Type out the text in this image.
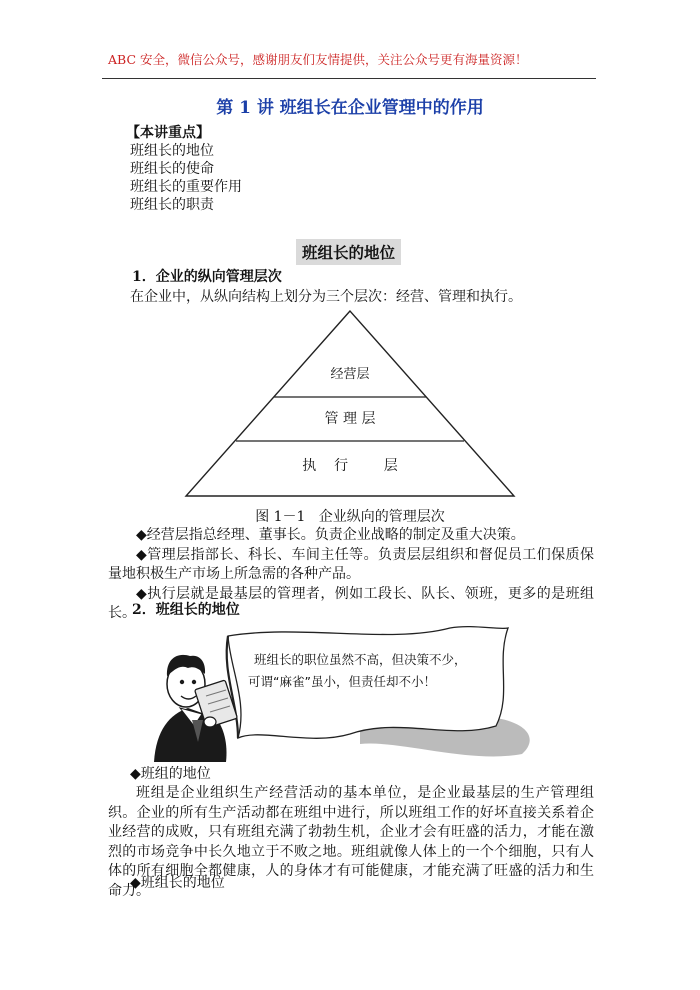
ABC 安全，微信公众号，感谢朋友们友情提供，关注公众号更有海量资源！
第 1 讲 班组长在企业管理中的作用
【本讲重点】
班组长的地位
班组长的使命
班组长的重要作用
班组长的职责
班组长的地位
1．企业的纵向管理层次
在企业中，从纵向结构上划分为三个层次：经营、管理和执行。
经营层
管 理 层
执    行        层
图 1－1   企业纵向的管理层次

◆经营层指总经理、董事长。负责企业战略的制定及重大决策。

◆管理层指部长、科长、车间主任等。负责层层组织和督促员工们保质保量地积极生产市场上所急需的各种产品。

◆执行层就是最基层的管理者，例如工段长、队长、领班，更多的是班组长。

2．班组长的地位
班组长的职位虽然不高，但决策不少，
可谓“麻雀”虽小，但责任却不小！
◆班组的地位

班组是企业组织生产经营活动的基本单位，是企业最基层的生产管理组织。企业的所有生产活动都在班组中进行，所以班组工作的好坏直接关系着企业经营的成败，只有班组充满了勃勃生机，企业才会有旺盛的活力，才能在激烈的市场竞争中长久地立于不败之地。班组就像人体上的一个个细胞，只有人体的所有细胞全都健康，人的身体才有可能健康，才能充满了旺盛的活力和生命力。

◆班组长的地位
